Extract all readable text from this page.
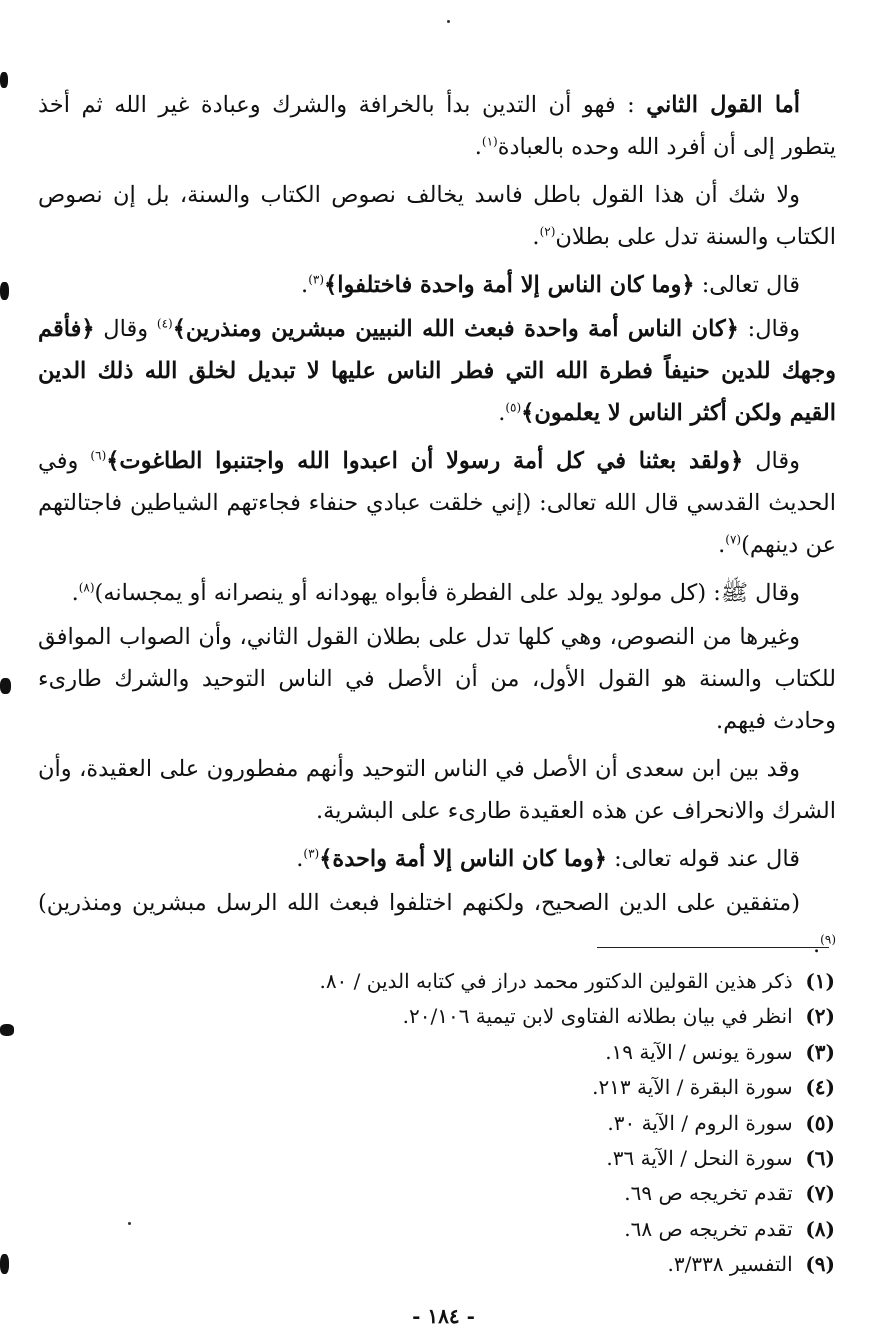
أما القول الثاني : فهو أن التدين بدأ بالخرافة والشرك وعبادة غير الله ثم أخذ يتطور إلى أن أفرد الله وحده بالعبادة$^{(١)}$.

ولا شك أن هذا القول باطل فاسد يخالف نصوص الكتاب والسنة، بل إن نصوص الكتاب والسنة تدل على بطلان$^{(٢)}$.

قال تعالى: ﴿وما كان الناس إلا أمة واحدة فاختلفوا﴾$^{(٣)}$.

وقال: ﴿كان الناس أمة واحدة فبعث الله النبيين مبشرين ومنذرين﴾$^{(٤)}$ وقال ﴿فأقم وجهك للدين حنيفاً فطرة الله التي فطر الناس عليها لا تبديل لخلق الله ذلك الدين القيم ولكن أكثر الناس لا يعلمون﴾$^{(٥)}$.

وقال ﴿ولقد بعثنا في كل أمة رسولا أن اعبدوا الله واجتنبوا الطاغوت﴾$^{(٦)}$ وفي الحديث القدسي قال الله تعالى: (إني خلقت عبادي حنفاء فجاءتهم الشياطين فاجتالتهم عن دينهم)$^{(٧)}$.

وقال ﷺ: (كل مولود يولد على الفطرة فأبواه يهودانه أو ينصرانه أو يمجسانه)$^{(٨)}$.

وغيرها من النصوص، وهي كلها تدل على بطلان القول الثاني، وأن الصواب الموافق للكتاب والسنة هو القول الأول، من أن الأصل في الناس التوحيد والشرك طارىء وحادث فيهم.

وقد بين ابن سعدى أن الأصل في الناس التوحيد وأنهم مفطورون على العقيدة، وأن الشرك والانحراف عن هذه العقيدة طارىء على البشرية.

قال عند قوله تعالى: ﴿وما كان الناس إلا أمة واحدة﴾$^{(٣)}$.

(متفقين على الدين الصحيح، ولكنهم اختلفوا فبعث الله الرسل مبشرين ومنذرين)$^{(٩)}$.

(١) ذكر هذين القولين الدكتور محمد دراز في كتابه الدين / ٨٠.
(٢) انظر في بيان بطلانه الفتاوى لابن تيمية ٢٠/١٠٦.
(٣) سورة يونس / الآية ١٩.
(٤) سورة البقرة / الآية ٢١٣.
(٥) سورة الروم / الآية ٣٠.
(٦) سورة النحل / الآية ٣٦.
(٧) تقدم تخريجه ص ٦٩.
(٨) تقدم تخريجه ص ٦٨.
(٩) التفسير ٣/٣٣٨.
- ١٨٤ -
